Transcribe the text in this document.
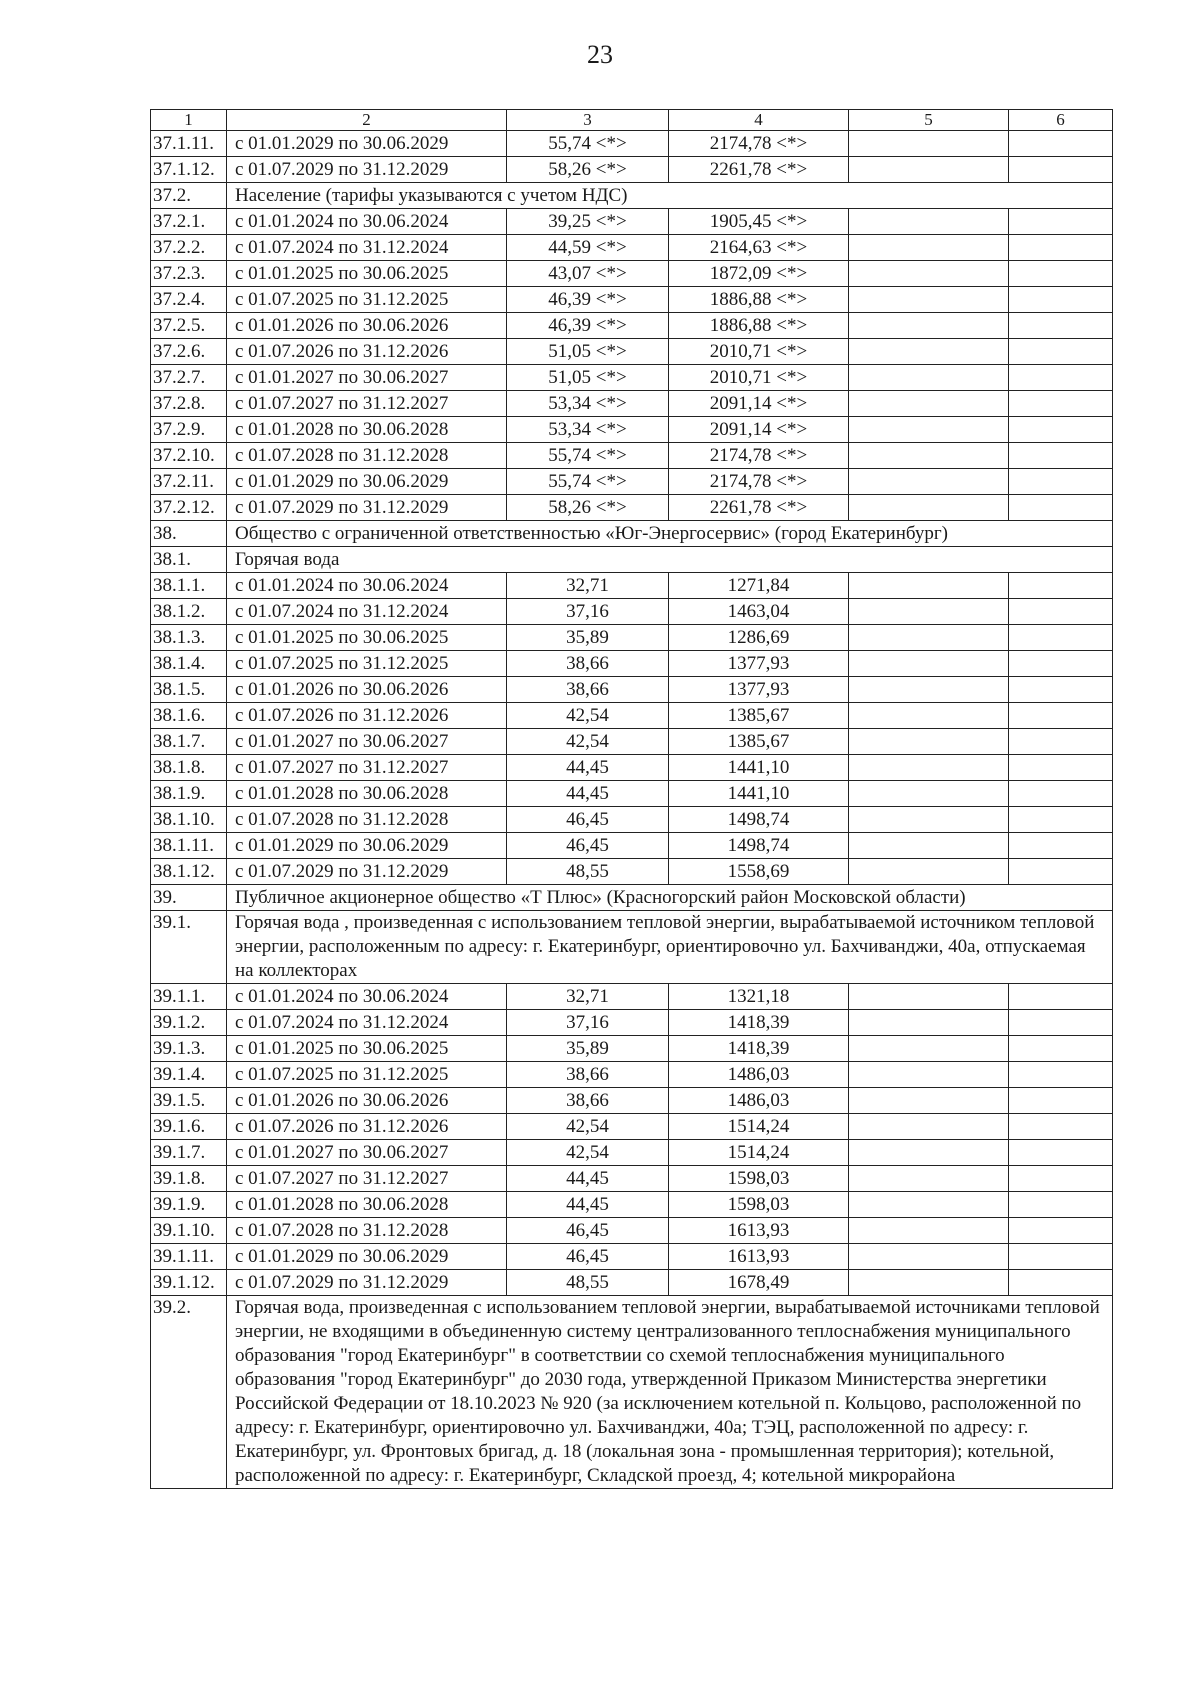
23
1	2	3	4	5	6
37.1.11.	с 01.01.2029 по 30.06.2029	55,74 <*>	2174,78 <*>		
37.1.12.	с 01.07.2029 по 31.12.2029	58,26 <*>	2261,78 <*>		
37.2.	Население (тарифы указываются с учетом НДС)				
37.2.1.	с 01.01.2024 по 30.06.2024	39,25 <*>	1905,45 <*>		
37.2.2.	с 01.07.2024 по 31.12.2024	44,59 <*>	2164,63 <*>		
37.2.3.	с 01.01.2025 по 30.06.2025	43,07 <*>	1872,09 <*>		
37.2.4.	с 01.07.2025 по 31.12.2025	46,39 <*>	1886,88 <*>		
37.2.5.	с 01.01.2026 по 30.06.2026	46,39 <*>	1886,88 <*>		
37.2.6.	с 01.07.2026 по 31.12.2026	51,05 <*>	2010,71 <*>		
37.2.7.	с 01.01.2027 по 30.06.2027	51,05 <*>	2010,71 <*>		
37.2.8.	с 01.07.2027 по 31.12.2027	53,34 <*>	2091,14 <*>		
37.2.9.	с 01.01.2028 по 30.06.2028	53,34 <*>	2091,14 <*>		
37.2.10.	с 01.07.2028 по 31.12.2028	55,74 <*>	2174,78 <*>		
37.2.11.	с 01.01.2029 по 30.06.2029	55,74 <*>	2174,78 <*>		
37.2.12.	с 01.07.2029 по 31.12.2029	58,26 <*>	2261,78 <*>		
38.	Общество с ограниченной ответственностью «Юг-Энергосервис» (город Екатеринбург)				
38.1.	Горячая вода				
38.1.1.	с 01.01.2024 по 30.06.2024	32,71	1271,84		
38.1.2.	с 01.07.2024 по 31.12.2024	37,16	1463,04		
38.1.3.	с 01.01.2025 по 30.06.2025	35,89	1286,69		
38.1.4.	с 01.07.2025 по 31.12.2025	38,66	1377,93		
38.1.5.	с 01.01.2026 по 30.06.2026	38,66	1377,93		
38.1.6.	с 01.07.2026 по 31.12.2026	42,54	1385,67		
38.1.7.	с 01.01.2027 по 30.06.2027	42,54	1385,67		
38.1.8.	с 01.07.2027 по 31.12.2027	44,45	1441,10		
38.1.9.	с 01.01.2028 по 30.06.2028	44,45	1441,10		
38.1.10.	с 01.07.2028 по 31.12.2028	46,45	1498,74		
38.1.11.	с 01.01.2029 по 30.06.2029	46,45	1498,74		
38.1.12.	с 01.07.2029 по 31.12.2029	48,55	1558,69		
39.	Публичное акционерное общество «Т Плюс» (Красногорский район Московской области)				
39.1.	Горячая вода , произведенная с использованием тепловой энергии, вырабатываемой источником тепловой энергии, расположенным по адресу: г. Екатеринбург, ориентировочно ул. Бахчиванджи, 40а, отпускаемая на коллекторах				
39.1.1.	с 01.01.2024 по 30.06.2024	32,71	1321,18		
39.1.2.	с 01.07.2024 по 31.12.2024	37,16	1418,39		
39.1.3.	с 01.01.2025 по 30.06.2025	35,89	1418,39		
39.1.4.	с 01.07.2025 по 31.12.2025	38,66	1486,03		
39.1.5.	с 01.01.2026 по 30.06.2026	38,66	1486,03		
39.1.6.	с 01.07.2026 по 31.12.2026	42,54	1514,24		
39.1.7.	с 01.01.2027 по 30.06.2027	42,54	1514,24		
39.1.8.	с 01.07.2027 по 31.12.2027	44,45	1598,03		
39.1.9.	с 01.01.2028 по 30.06.2028	44,45	1598,03		
39.1.10.	с 01.07.2028 по 31.12.2028	46,45	1613,93		
39.1.11.	с 01.01.2029 по 30.06.2029	46,45	1613,93		
39.1.12.	с 01.07.2029 по 31.12.2029	48,55	1678,49		
39.2.	Горячая вода, произведенная с использованием тепловой энергии, вырабатываемой источниками тепловой энергии, не входящими в объединенную систему централизованного теплоснабжения муниципального образования "город Екатеринбург" в соответствии со схемой теплоснабжения муниципального образования "город Екатеринбург" до 2030 года, утвержденной Приказом Министерства энергетики Российской Федерации от 18.10.2023 № 920 (за исключением котельной п. Кольцово, расположенной по адресу: г. Екатеринбург, ориентировочно ул. Бахчиванджи, 40а; ТЭЦ, расположенной по адресу: г. Екатеринбург, ул. Фронтовых бригад, д. 18 (локальная зона - промышленная территория); котельной, расположенной по адресу: г. Екатеринбург, Складской проезд, 4; котельной микрорайона				
